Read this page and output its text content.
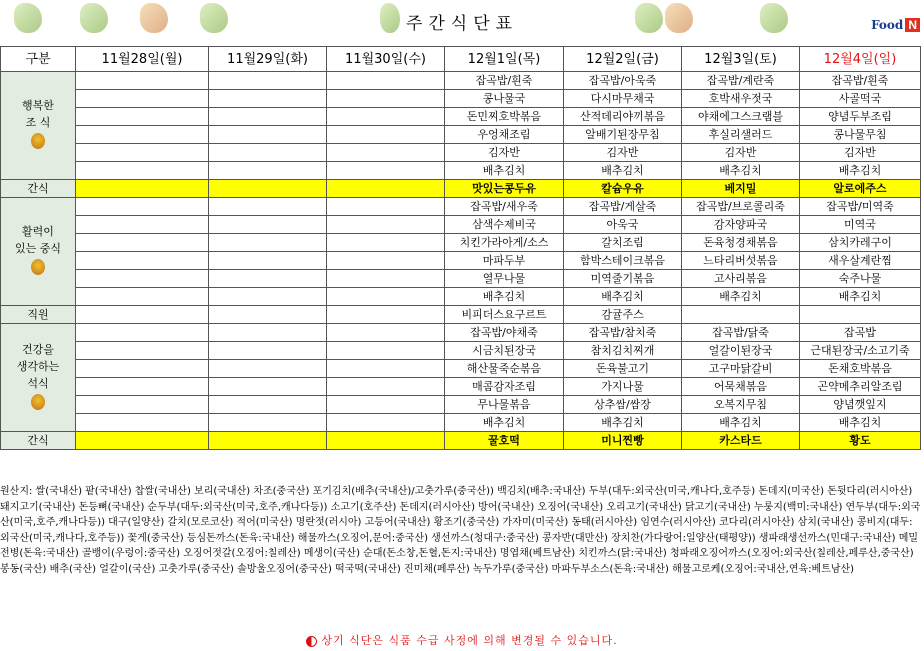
주간식단표	Food N
구분	11월28일(월)	11월29일(화)	11월30일(수)	12월1일(목)	12월2일(금)	12월3일(토)	12월4일(일)
행복한
조 식				잡곡밥/흰죽	잡곡밥/아욱죽	잡곡밥/계란죽	잡곡밥/흰죽
				콩나물국	다시마무채국	호박새우젓국	사골떡국
				돈민찌호박볶음	산적데리야끼볶음	야채에그스크램블	양념두부조림
				우엉채조림	알배기된장무침	후실리샐러드	콩나물무침
				김자반	김자반	김자반	김자반
				배추김치	배추김치	배추김치	배추김치
간식				맛있는콩두유	칼슘우유	베지밀	알로에주스
활력이
있는 중식				잡곡밥/새우죽	잡곡밥/게살죽	잡곡밥/브로콜리죽	잡곡밥/미역죽
				삼색수제비국	아욱국	감자양파국	미역국
				치킨가라아게/소스	갈치조림	돈육청경채볶음	삼치카레구이
				마파두부	함박스테이크볶음	느타리버섯볶음	새우살계란찜
				열무나물	미역줄기볶음	고사리볶음	숙주나물
				배추김치	배추김치	배추김치	배추김치
직원				비피더스요구르트	감귤주스		
건강을
생각하는
석식				잡곡밥/야채죽	잡곡밥/참치죽	잡곡밥/닭죽	잡곡밥
				시금치된장국	참치김치찌개	얼갈이된장국	근대된장국/소고기죽
				해산물죽순볶음	돈육불고기	고구마닭갈비	돈채호박볶음
				매콤감자조림	가지나물	어묵채볶음	곤약메추리알조림
				무나물볶음	상추쌈/쌈장	오복지무침	양념깻잎지
				배추김치	배추김치	배추김치	배추김치
간식				꿀호떡	미니찐빵	카스타드	황도
원산지: 쌀(국내산) 팥(국내산) 찹쌀(국내산) 보리(국내산) 차조(중국산) 포기김치(배추(국내산)/고춧가루(중국산)) 백김치(배추:국내산) 두부(대두:외국산(미국,캐나다,호주등) 돈데지(미국산) 돈뒷다리(러시아산) 돼지고기(국내산) 돈등뼈(국내산) 순두부(대두:외국산(미국,호주,캐나다등)) 소고기(호주산) 돈데지(러시아산) 방어(국내산) 오징어(국내산) 오리고기(국내산) 닭고기(국내산) 누룽지(백미:국내산) 연두부(대두:외국산(미국,호주,캐나다등)) 대구(일양산) 갈치(모로코산) 적어(미국산) 명란젓(러시아) 고등어(국내산) 황조기(중국산) 가자미(미국산) 동태(러시아산) 임연수(러시아산) 코다리(러시아산) 삼치(국내산) 콩비지(대두:외국산(미국,캐나다,호주등)) 꽃게(중국산) 등심돈까스(돈육:국내산) 해물까스(오징어,문어:중국산) 생선까스(청대구:중국산) 콩자반(대만산) 장치찬(가다랑어:일양산(태평양)) 생파래생선까스(민대구:국내산) 메밀전병(돈육:국내산) 골뱅이(우렁이:중국산) 오징어젓갈(오징어:칠레산) 메생이(국산) 순대(돈소창,돈혈,돈지:국내산) 명엽채(베트남산) 치킨까스(닭:국내산) 청파래오징어까스(오징어:외국산(칠레산,페루산,중국산) 봉동(국산) 배추(국산) 얼갈이(국산) 고춧가루(중국산) 솔방울오징어(중국산) 떡국떡(국내산) 진미채(페루산) 녹두가루(중국산) 마파두부소스(돈육:국내산) 해물고로케(오징어:국내산,연육:베트남산)
상기 식단은 식품 수급 사정에 의해 변경될 수 있습니다.
